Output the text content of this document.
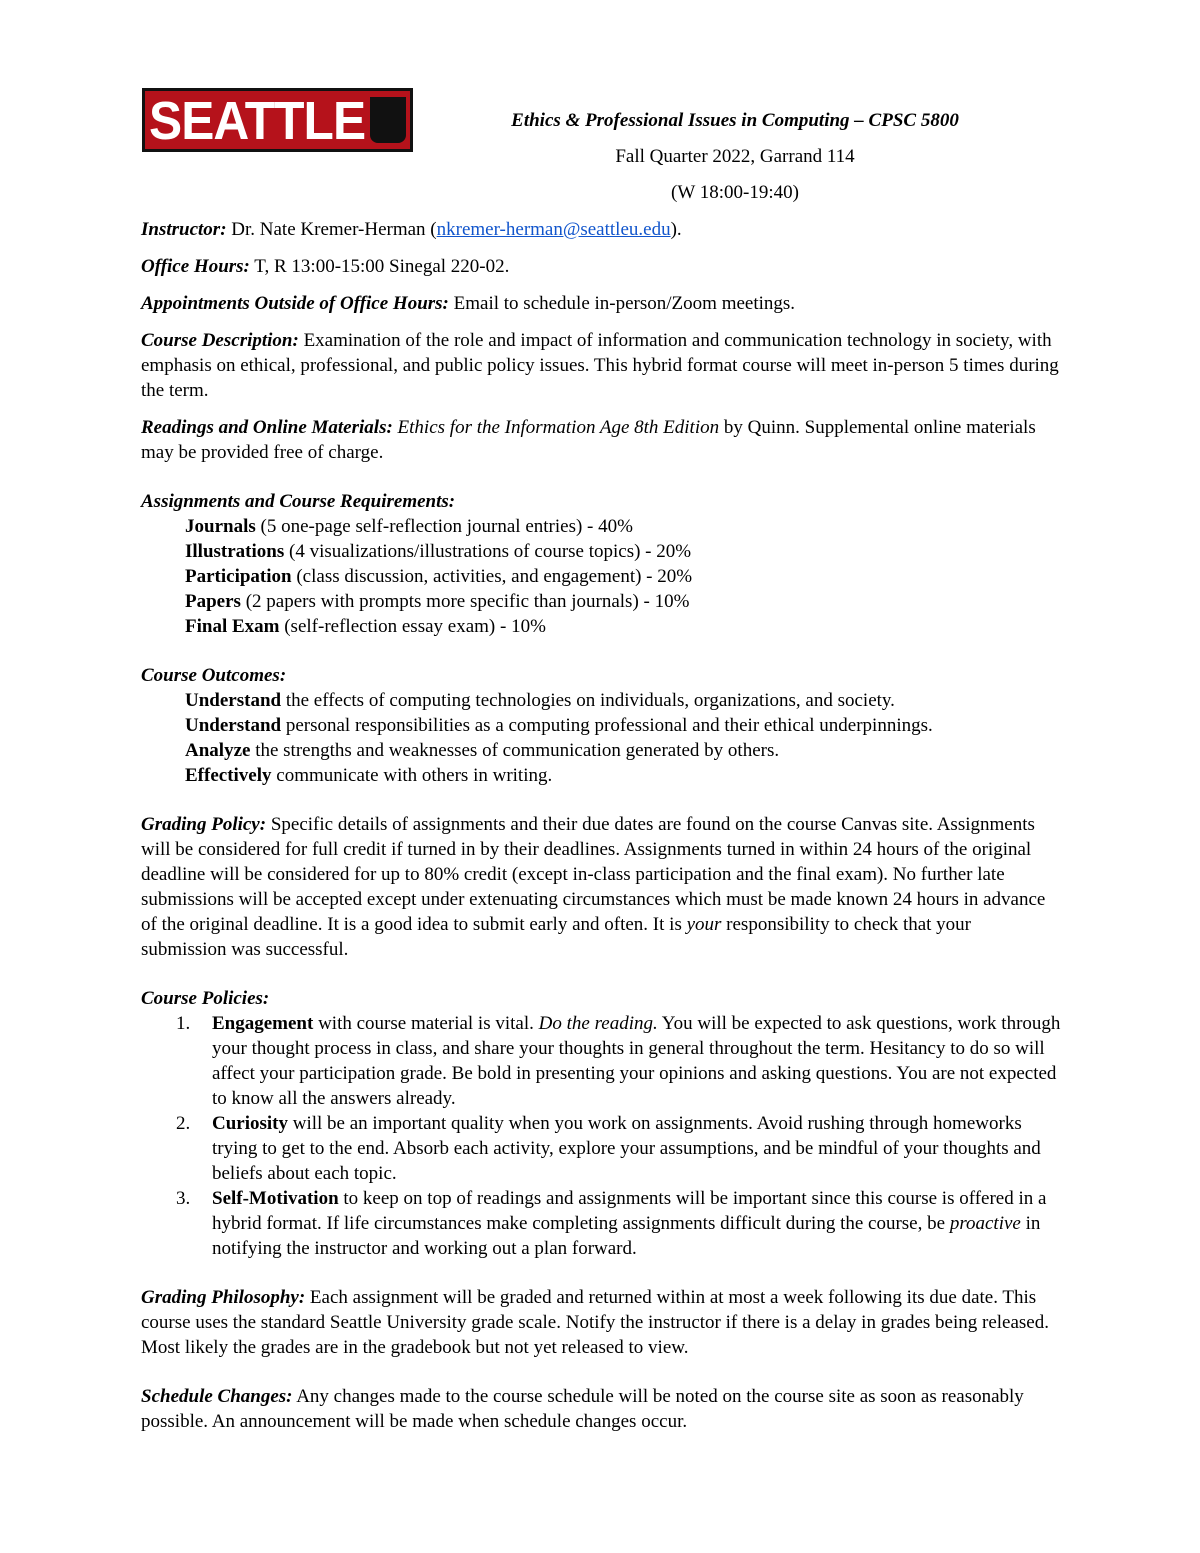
SEATTLE	Ethics & Professional Issues in Computing – CPSC 5800
Fall Quarter 2022, Garrand 114
(W 18:00-19:40)

Instructor: Dr. Nate Kremer-Herman (nkremer-herman@seattleu.edu).

Office Hours: T, R 13:00-15:00 Sinegal 220-02.

Appointments Outside of Office Hours: Email to schedule in-person/Zoom meetings.

Course Description: Examination of the role and impact of information and communication technology in society, with emphasis on ethical, professional, and public policy issues. This hybrid format course will meet in-person 5 times during the term.

Readings and Online Materials: Ethics for the Information Age 8th Edition by Quinn. Supplemental online materials may be provided free of charge.

Assignments and Course Requirements:

Journals (5 one-page self-reflection journal entries) - 40%

Illustrations (4 visualizations/illustrations of course topics) - 20%

Participation (class discussion, activities, and engagement) - 20%

Papers (2 papers with prompts more specific than journals) - 10%

Final Exam (self-reflection essay exam) - 10%

Course Outcomes:

Understand the effects of computing technologies on individuals, organizations, and society.

Understand personal responsibilities as a computing professional and their ethical underpinnings.

Analyze the strengths and weaknesses of communication generated by others.

Effectively communicate with others in writing.

Grading Policy: Specific details of assignments and their due dates are found on the course Canvas site. Assignments will be considered for full credit if turned in by their deadlines. Assignments turned in within 24 hours of the original deadline will be considered for up to 80% credit (except in-class participation and the final exam). No further late submissions will be accepted except under extenuating circumstances which must be made known 24 hours in advance of the original deadline. It is a good idea to submit early and often. It is your responsibility to check that your submission was successful.

Course Policies:

1. Engagement with course material is vital. Do the reading. You will be expected to ask questions, work through your thought process in class, and share your thoughts in general throughout the term. Hesitancy to do so will affect your participation grade. Be bold in presenting your opinions and asking questions. You are not expected to know all the answers already.
2. Curiosity will be an important quality when you work on assignments. Avoid rushing through homeworks trying to get to the end. Absorb each activity, explore your assumptions, and be mindful of your thoughts and beliefs about each topic.
3. Self-Motivation to keep on top of readings and assignments will be important since this course is offered in a hybrid format. If life circumstances make completing assignments difficult during the course, be proactive in notifying the instructor and working out a plan forward.

Grading Philosophy: Each assignment will be graded and returned within at most a week following its due date. This course uses the standard Seattle University grade scale. Notify the instructor if there is a delay in grades being released. Most likely the grades are in the gradebook but not yet released to view.

Schedule Changes: Any changes made to the course schedule will be noted on the course site as soon as reasonably possible. An announcement will be made when schedule changes occur.
